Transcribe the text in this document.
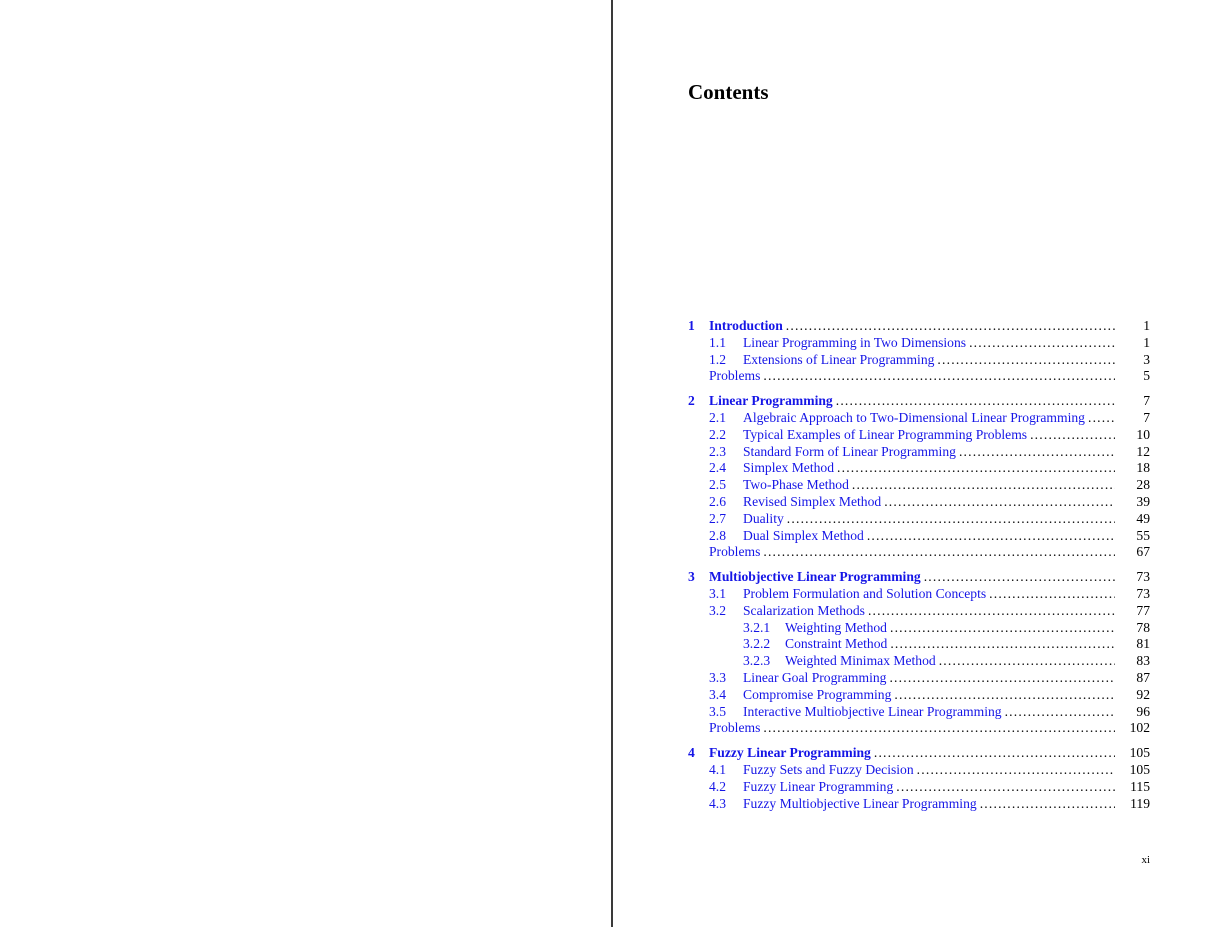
Contents
1 Introduction .....	1
1.1 Linear Programming in Two Dimensions .....	1
1.2 Extensions of Linear Programming .....	3
Problems .....	5
2 Linear Programming .....	7
2.1 Algebraic Approach to Two-Dimensional Linear Programming .....	7
2.2 Typical Examples of Linear Programming Problems .....	10
2.3 Standard Form of Linear Programming .....	12
2.4 Simplex Method .....	18
2.5 Two-Phase Method .....	28
2.6 Revised Simplex Method .....	39
2.7 Duality .....	49
2.8 Dual Simplex Method .....	55
Problems .....	67
3 Multiobjective Linear Programming .....	73
3.1 Problem Formulation and Solution Concepts .....	73
3.2 Scalarization Methods .....	77
3.2.1 Weighting Method .....	78
3.2.2 Constraint Method .....	81
3.2.3 Weighted Minimax Method .....	83
3.3 Linear Goal Programming .....	87
3.4 Compromise Programming .....	92
3.5 Interactive Multiobjective Linear Programming .....	96
Problems .....	102
4 Fuzzy Linear Programming .....	105
4.1 Fuzzy Sets and Fuzzy Decision .....	105
4.2 Fuzzy Linear Programming .....	115
4.3 Fuzzy Multiobjective Linear Programming .....	119
xi
